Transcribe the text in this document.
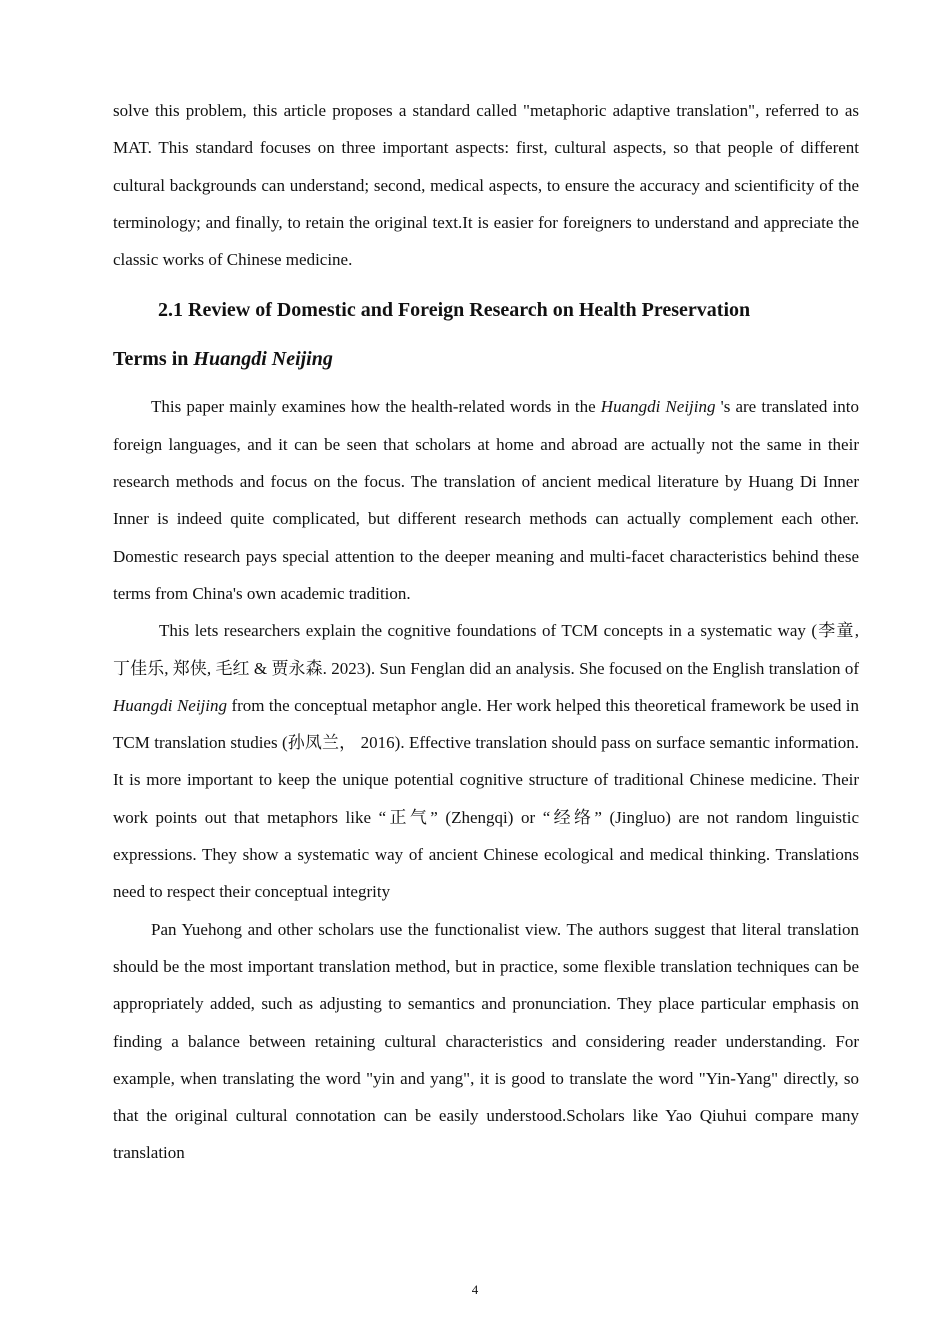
solve this problem, this article proposes a standard called "metaphoric adaptive translation", referred to as MAT. This standard focuses on three important aspects: first, cultural aspects, so that people of different cultural backgrounds can understand; second, medical aspects, to ensure the accuracy and scientificity of the terminology; and finally, to retain the original text.It is easier for foreigners to understand and appreciate the classic works of Chinese medicine.

2.1 Review of Domestic and Foreign Research on Health Preservation
Terms in Huangdi Neijing

This paper mainly examines how the health-related words in the Huangdi Neijing 's are translated into foreign languages, and it can be seen that scholars at home and abroad are actually not the same in their research methods and focus on the focus. The translation of ancient medical literature by Huang Di Inner Inner is indeed quite complicated, but different research methods can actually complement each other. Domestic research pays special attention to the deeper meaning and multi-facet characteristics behind these terms from China's own academic tradition.

This lets researchers explain the cognitive foundations of TCM concepts in a systematic way (李童, 丁佳乐, 郑侠, 毛红 & 贾永森. 2023). Sun Fenglan did an analysis. She focused on the English translation of Huangdi Neijing from the conceptual metaphor angle. Her work helped this theoretical framework be used in TCM translation studies (孙凤兰， 2016). Effective translation should pass on surface semantic information. It is more important to keep the unique potential cognitive structure of traditional Chinese medicine. Their work points out that metaphors like “正气” (Zhengqi) or “经络” (Jingluo) are not random linguistic expressions. They show a systematic way of ancient Chinese ecological and medical thinking. Translations need to respect their conceptual integrity

Pan Yuehong and other scholars use the functionalist view. The authors suggest that literal translation should be the most important translation method, but in practice, some flexible translation techniques can be appropriately added, such as adjusting to semantics and pronunciation. They place particular emphasis on finding a balance between retaining cultural characteristics and considering reader understanding. For example, when translating the word "yin and yang", it is good to translate the word "Yin-Yang" directly, so that the original cultural connotation can be easily understood.Scholars like Yao Qiuhui compare many translation

4
